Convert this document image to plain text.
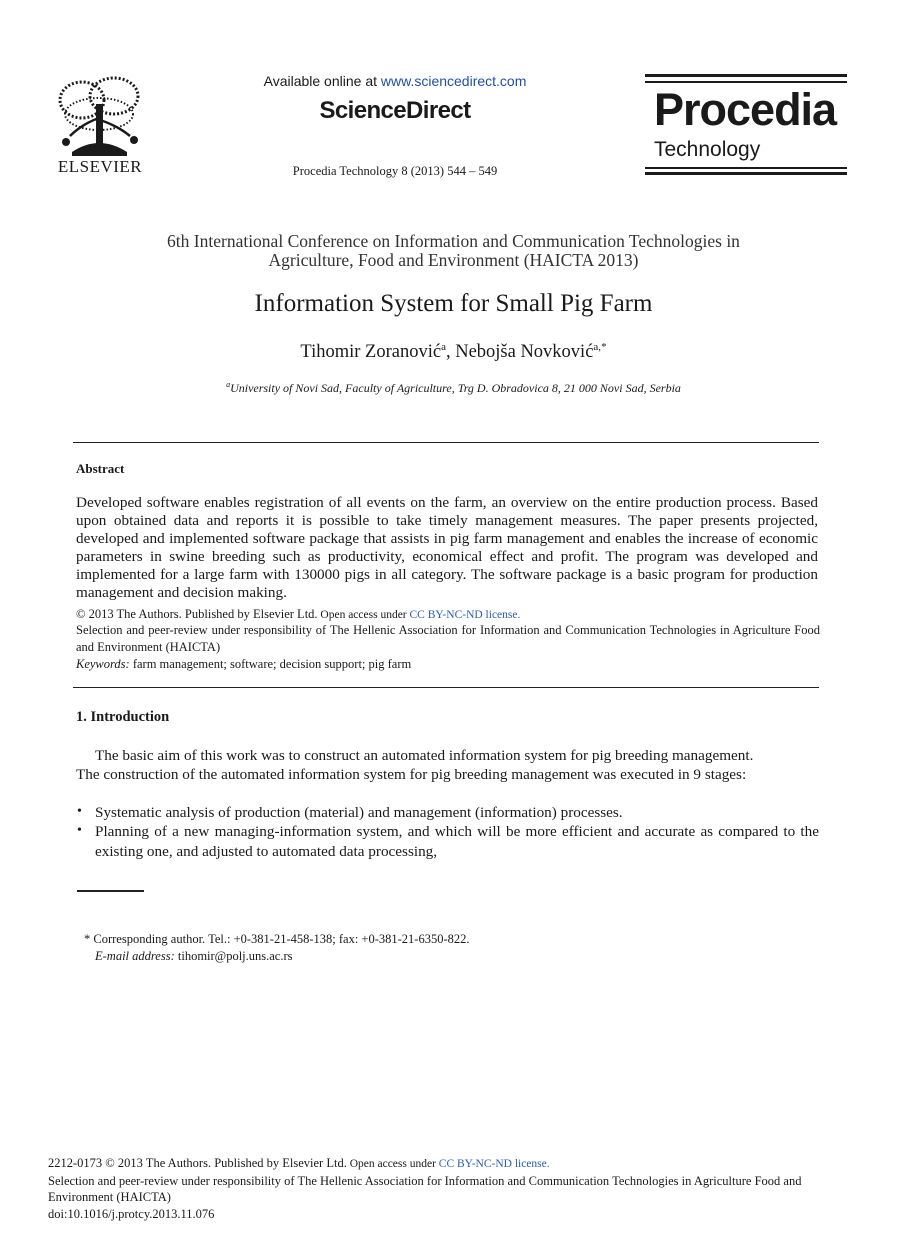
ELSEVIER
Available online at www.sciencedirect.com
ScienceDirect
Procedia Technology 8 (2013) 544 – 549
Procedia
Technology
6th International Conference on Information and Communication Technologies in
Agriculture, Food and Environment (HAICTA 2013)
Information System for Small Pig Farm
Tihomir Zoranović$^a$, Nebojša Novković$^{a,*}$
$^a$University of Novi Sad, Faculty of Agriculture, Trg D. Obradovica 8, 21 000 Novi Sad, Serbia
Abstract
Developed software enables registration of all events on the farm, an overview on the entire production process. Based upon obtained data and reports it is possible to take timely management measures. The paper presents projected, developed and implemented software package that assists in pig farm management and enables the increase of economic parameters in swine breeding such as productivity, economical effect and profit. The program was developed and implemented for a large farm with 130000 pigs in all category. The software package is a basic program for production management and decision making.
© 2013 The Authors. Published by Elsevier Ltd. Open access under CC BY-NC-ND license.
Selection and peer-review under responsibility of The Hellenic Association for Information and Communication Technologies in Agriculture Food and Environment (HAICTA)
Keywords: farm management; software; decision support; pig farm
1. Introduction
The basic aim of this work was to construct an automated information system for pig breeding management.
The construction of the automated information system for pig breeding management was executed in 9 stages:
• Systematic analysis of production (material) and management (information) processes.
• Planning of a new managing-information system, and which will be more efficient and accurate as compared to the existing one, and adjusted to automated data processing,
* Corresponding author. Tel.: +0-381-21-458-138; fax: +0-381-21-6350-822.
E-mail address: tihomir@polj.uns.ac.rs
2212-0173 © 2013 The Authors. Published by Elsevier Ltd. Open access under CC BY-NC-ND license.
Selection and peer-review under responsibility of The Hellenic Association for Information and Communication Technologies in Agriculture Food and Environment (HAICTA)
doi:10.1016/j.protcy.2013.11.076
